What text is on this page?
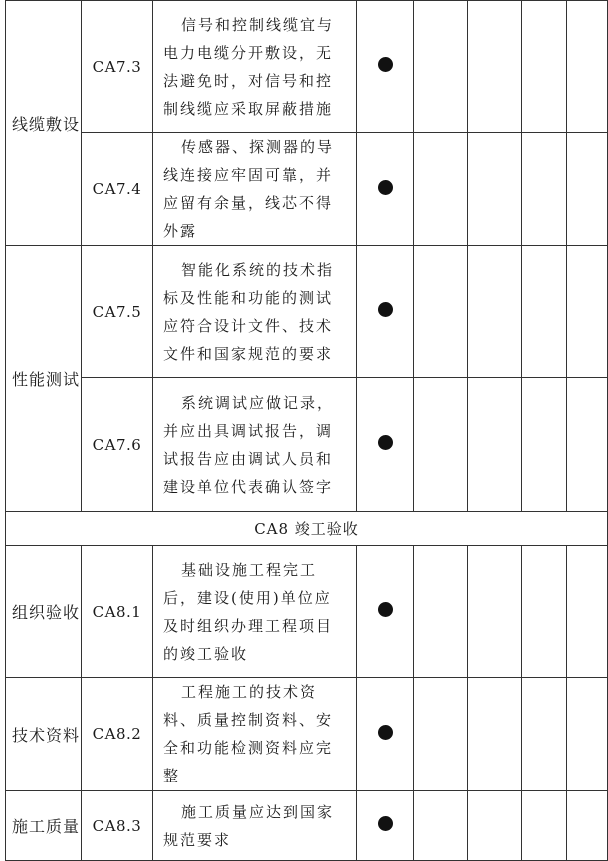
线缆敷设	CA7.3	信号和控制线缆宜与电力电缆分开敷设，无法避免时，对信号和控制线缆应采取屏蔽措施					
	CA7.4	传感器、探测器的导线连接应牢固可靠，并应留有余量，线芯不得外露					
性能测试	CA7.5	智能化系统的技术指标及性能和功能的测试应符合设计文件、技术文件和国家规范的要求					
	CA7.6	系统调试应做记录，并应出具调试报告，调试报告应由调试人员和建设单位代表确认签字					
CA8 竣工验收							
组织验收	CA8.1	基础设施工程完工后，建设(使用)单位应及时组织办理工程项目的竣工验收					
技术资料	CA8.2	工程施工的技术资料、质量控制资料、安全和功能检测资料应完整					
施工质量	CA8.3	施工质量应达到国家规范要求					
